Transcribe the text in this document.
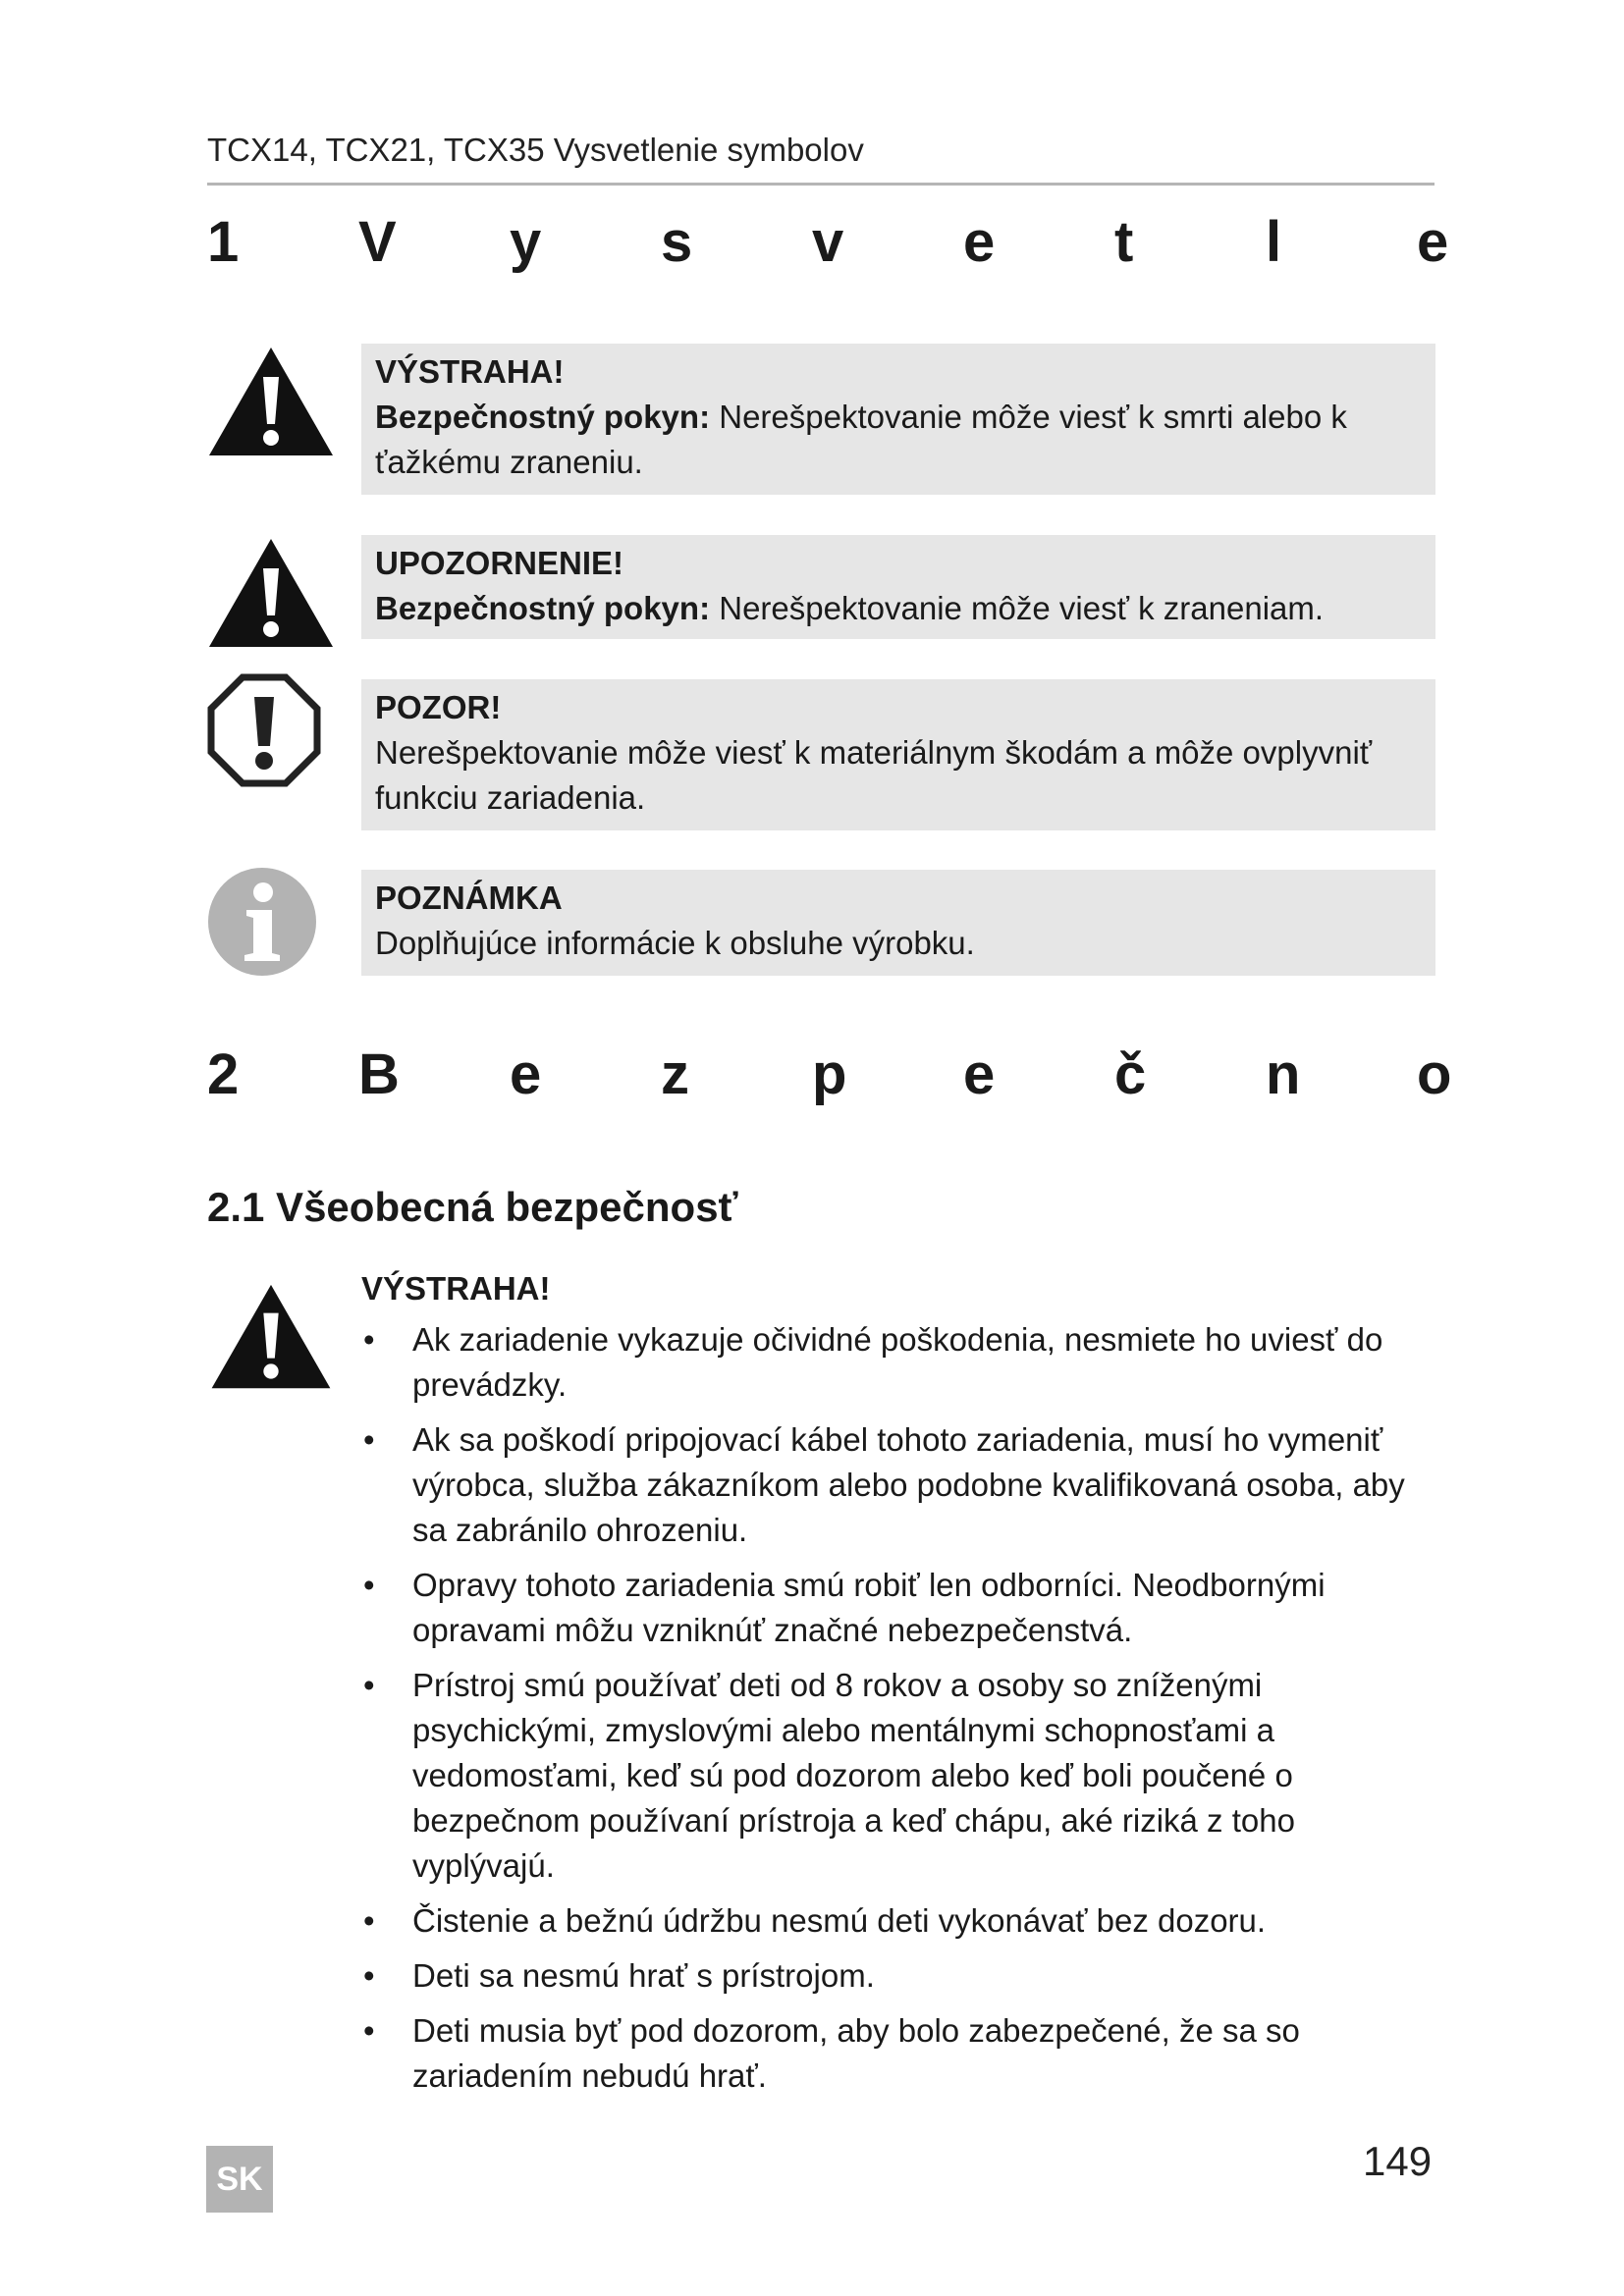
TCX14, TCX21, TCX35 Vysvetlenie symbolov
1	V	y	s	v	e	t	l	e
VÝSTRAHA!
Bezpečnostný pokyn: Nerešpektovanie môže viesť k smrti alebo k ťažkému zraneniu.
UPOZORNENIE!
Bezpečnostný pokyn: Nerešpektovanie môže viesť k zraneniam.
POZOR!
Nerešpektovanie môže viesť k materiálnym škodám a môže ovplyvniť funkciu zariadenia.
POZNÁMKA
Doplňujúce informácie k obsluhe výrobku.
2	B	e	z	p	e	č	n	o
2.1 Všeobecná bezpečnosť
VÝSTRAHA!
• Ak zariadenie vykazuje očividné poškodenia, nesmiete ho uviesť do prevádzky.
• Ak sa poškodí pripojovací kábel tohoto zariadenia, musí ho vymeniť výrobca, služba zákazníkom alebo podobne kvalifikovaná osoba, aby sa zabránilo ohrozeniu.
• Opravy tohoto zariadenia smú robiť len odborníci. Neodbornými opravami môžu vzniknúť značné nebezpečenstvá.
• Prístroj smú používať deti od 8 rokov a osoby so zníženými psychickými, zmyslovými alebo mentálnymi schopnosťami a vedomosťami, keď sú pod dozorom alebo keď boli poučené o bezpečnom používaní prístroja a keď chápu, aké riziká z toho vyplývajú.
• Čistenie a bežnú údržbu nesmú deti vykonávať bez dozoru.
• Deti sa nesmú hrať s prístrojom.
• Deti musia byť pod dozorom, aby bolo zabezpečené, že sa so zariadením nebudú hrať.
SK	149
